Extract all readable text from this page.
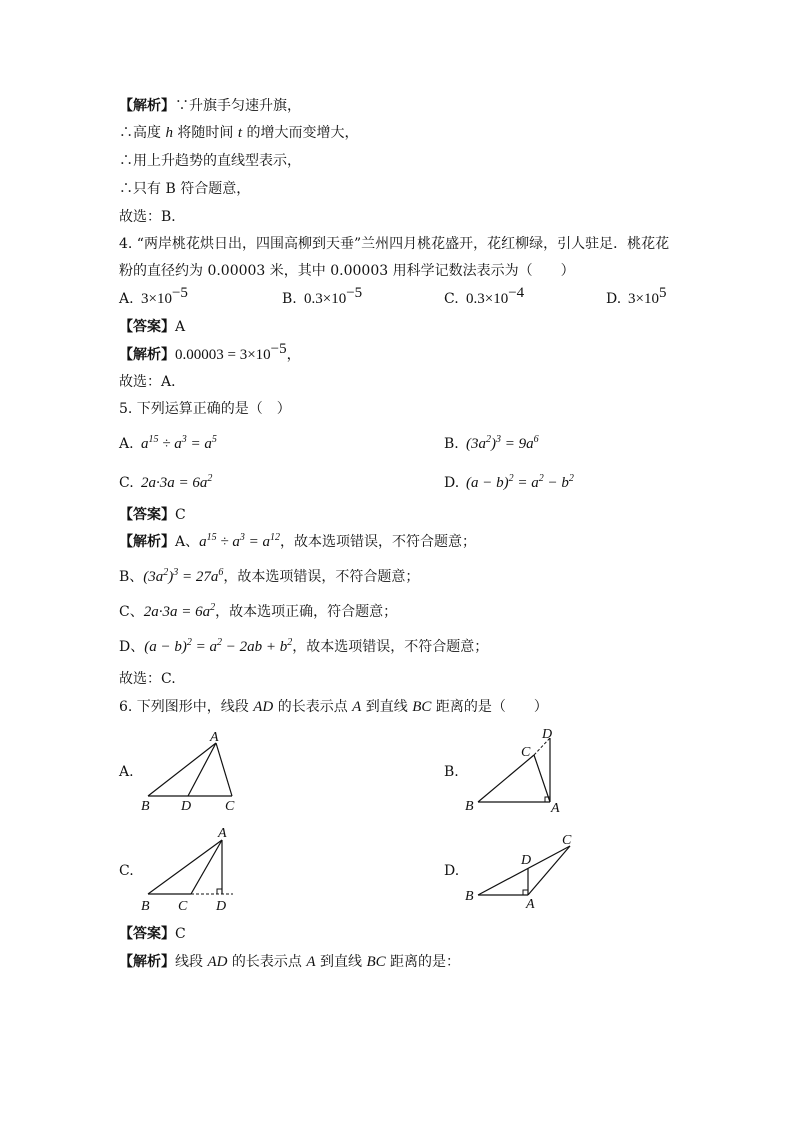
【解析】∵升旗手匀速升旗，
∴高度 h 将随时间 t 的增大而变增大，
∴用上升趋势的直线型表示，
∴只有 B 符合题意，
故选：B．
4. “两岸桃花烘日出，四围高柳到天垂”兰州四月桃花盛开，花红柳绿，引人驻足．桃花花
粉的直径约为 0.00003 米，其中 0.00003 用科学记数法表示为（　　）
A. $3\times 10^{-5}$	B. $0.3\times 10^{-5}$	C. $0.3\times 10^{-4}$	D. $3\times 10^5$
【答案】A
【解析】$0.00003 = 3\times 10^{-5}$，
故选：A．
5. 下列运算正确的是（　）
A. $a^{15} \div a^3 = a^5$	B. $(3a^2)^3 = 9a^6$
C. $2a\cdot 3a = 6a^2$	D. $(a - b)^2 = a^2 - b^2$
【答案】C
【解析】A、$a^{15} \div a^3 = a^{12}$，故本选项错误，不符合题意；
B、$(3a^2)^3 = 27a^6$，故本选项错误，不符合题意；
C、$2a\cdot 3a = 6a^2$，故本选项正确，符合题意；
D、$(a - b)^2 = a^2 - 2ab + b^2$，故本选项错误，不符合题意；
故选：C.
6. 下列图形中，线段 AD 的长表示点 A 到直线 BC 距离的是（　　）
A.
A
B D C
B.
D
C
B	A
C.
A
B C D
D.
C
D
B
A
【答案】C
【解析】线段 AD 的长表示点 A 到直线 BC 距离的是：
